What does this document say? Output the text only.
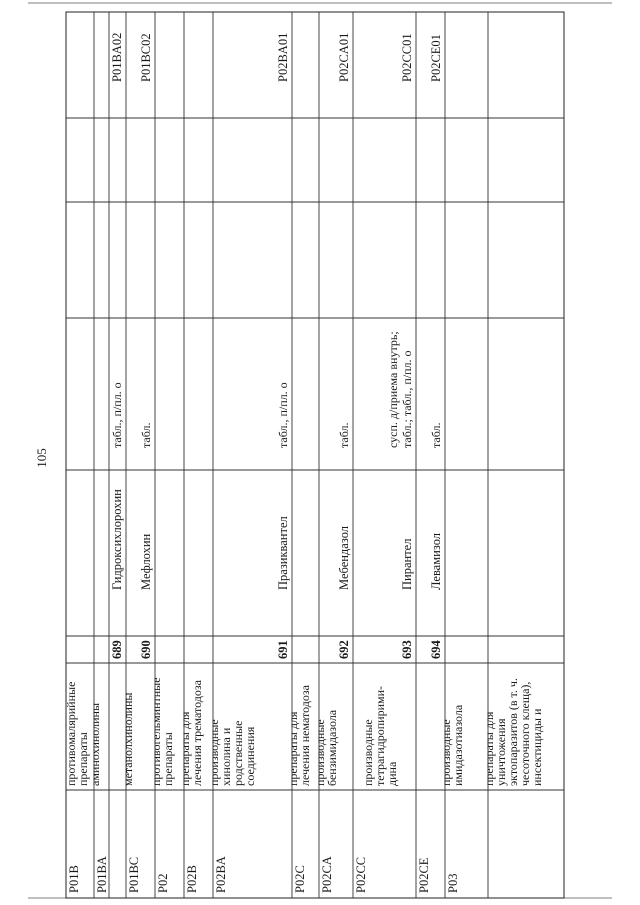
105
P01B
противомалярийные
препараты
P01BA
аминохинолины
689
Гидроксихлорохин
табл., п/пл. о
P01BA02
P01BC
метанолхинолины
690
Мефлохин
табл.
P01BC02
P02
противогельминтные
препараты
P02B
препараты для
лечения трематодоза
P02BA
производные
хинолина и
родственные
соединения
691
Празиквантел
табл., п/пл. о
P02BA01
P02C
препараты для
лечения нематодоза
P02CA
производные
бензимидазола
692
Мебендазол
табл.
P02CA01
P02CC
производные
тетрагидропирими-
дина
693
Пирантел
сусп. д/приема внутрь; табл.; табл., п/пл. о
P02CC01
P02CE
производные
имидазотиазола
694
Левамизол
табл.
P02CE01
P03
препараты для
уничтожения
эктопаразитов (в т. ч.
чесоточного клеща),
инсектициды и
